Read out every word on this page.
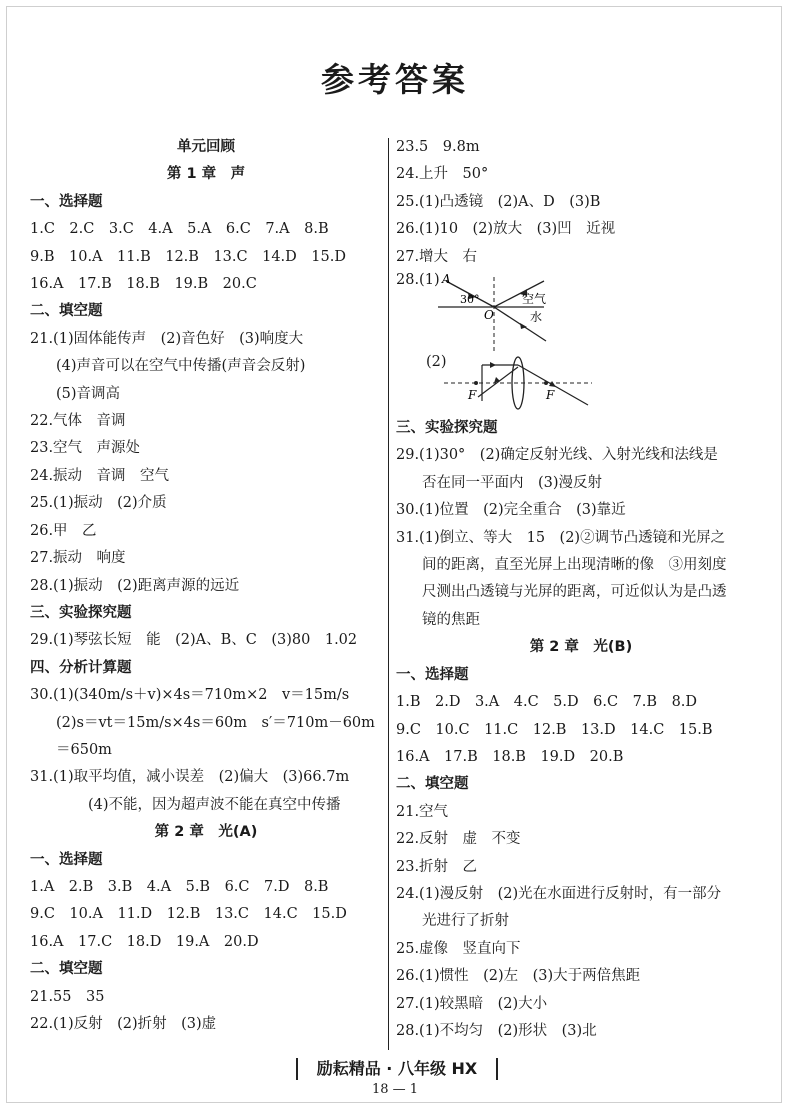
参考答案
单元回顾
第 1 章　声
一、选择题
1.C　2.C　3.C　4.A　5.A　6.C　7.A　8.B
9.B　10.A　11.B　12.B　13.C　14.D　15.D
16.A　17.B　18.B　19.B　20.C
二、填空题
21.(1)固体能传声　(2)音色好　(3)响度大
(4)声音可以在空气中传播(声音会反射)
(5)音调高
22.气体　音调
23.空气　声源处
24.振动　音调　空气
25.(1)振动　(2)介质
26.甲　乙
27.振动　响度
28.(1)振动　(2)距离声源的远近
三、实验探究题
29.(1)琴弦长短　能　(2)A、B、C　(3)80　1.02
四、分析计算题
30.(1)(340m/s＋v)×4s＝710m×2　v＝15m/s
(2)s＝vt＝15m/s×4s＝60m　s′＝710m－60m
＝650m
31.(1)取平均值，减小误差　(2)偏大　(3)66.7m
(4)不能，因为超声波不能在真空中传播
第 2 章　光(A)
一、选择题
1.A　2.B　3.B　4.A　5.B　6.C　7.D　8.B
9.C　10.A　11.D　12.B　13.C　14.C　15.D
16.A　17.C　18.D　19.A　20.D
二、填空题
21.55　35
22.(1)反射　(2)折射　(3)虚
23.5　9.8m
24.上升　50°
25.(1)凸透镜　(2)A、D　(3)B
26.(1)10　(2)放大　(3)凹　近视
27.增大　右
28.(1) A
30°
O
空气
水
(2)
F	F
三、实验探究题
29.(1)30°　(2)确定反射光线、入射光线和法线是
否在同一平面内　(3)漫反射
30.(1)位置　(2)完全重合　(3)靠近
31.(1)倒立、等大　15　(2)②调节凸透镜和光屏之
间的距离，直至光屏上出现清晰的像　③用刻度
尺测出凸透镜与光屏的距离，可近似认为是凸透
镜的焦距
第 2 章　光(B)
一、选择题
1.B　2.D　3.A　4.C　5.D　6.C　7.B　8.D
9.C　10.C　11.C　12.B　13.D　14.C　15.B
16.A　17.B　18.B　19.D　20.B
二、填空题
21.空气
22.反射　虚　不变
23.折射　乙
24.(1)漫反射　(2)光在水面进行反射时，有一部分
光进行了折射
25.虚像　竖直向下
26.(1)惯性　(2)左　(3)大于两倍焦距
27.(1)较黑暗　(2)大小
28.(1)不均匀　(2)形状　(3)北
励耘精品 · 八年级 HX
18 — 1
